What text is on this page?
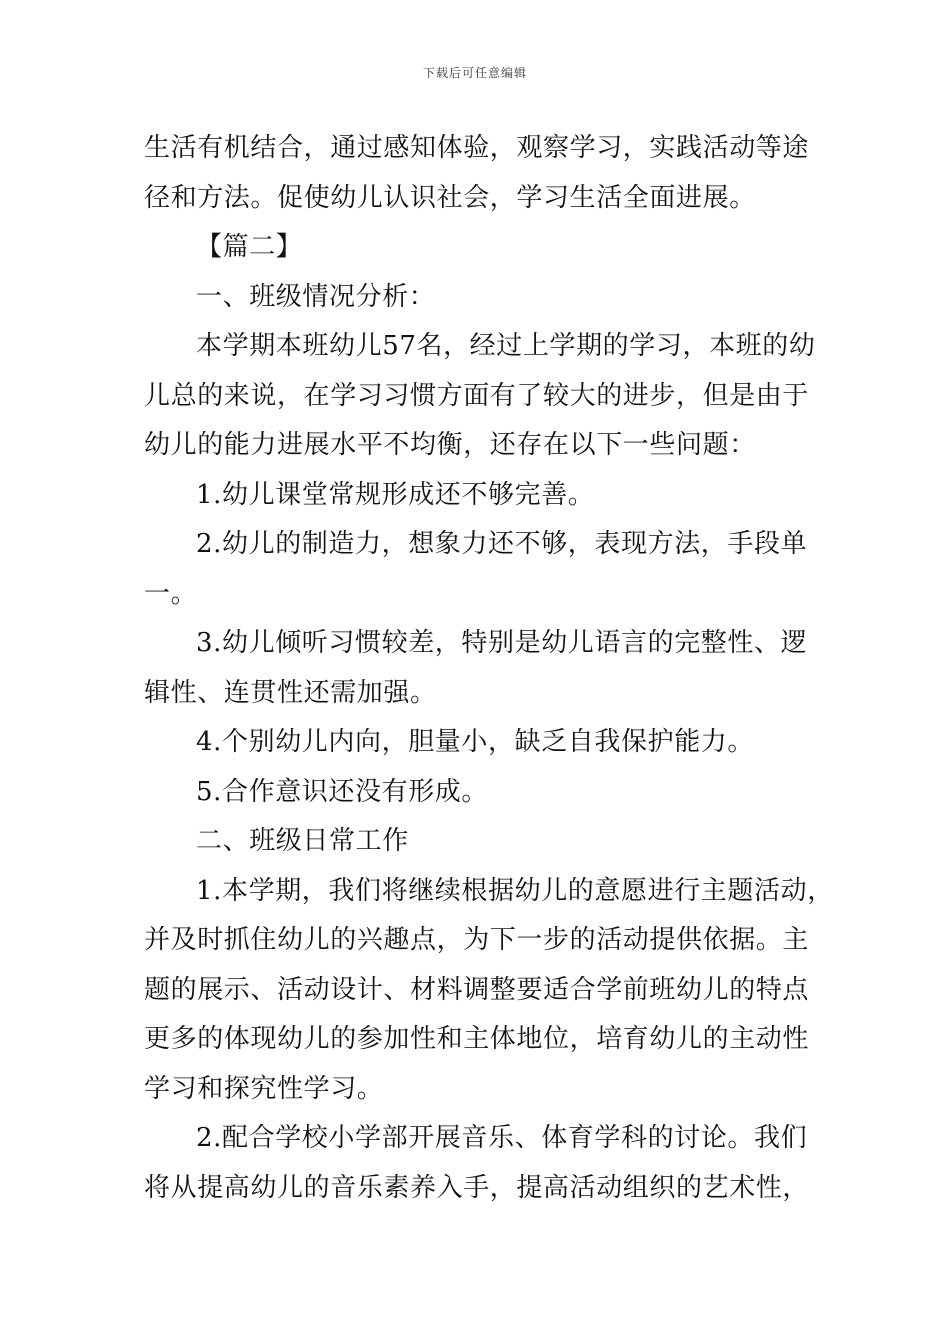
下载后可任意编辑
生活有机结合，通过感知体验，观察学习，实践活动等途
径和方法。促使幼儿认识社会，学习生活全面进展。
【篇二】
一、班级情况分析：
本学期本班幼儿57名，经过上学期的学习，本班的幼
儿总的来说，在学习习惯方面有了较大的进步，但是由于
幼儿的能力进展水平不均衡，还存在以下一些问题：
1.幼儿课堂常规形成还不够完善。
2.幼儿的制造力，想象力还不够，表现方法，手段单
一。
3.幼儿倾听习惯较差，特别是幼儿语言的完整性、逻
辑性、连贯性还需加强。
4.个别幼儿内向，胆量小，缺乏自我保护能力。
5.合作意识还没有形成。
二、班级日常工作
1.本学期，我们将继续根据幼儿的意愿进行主题活动，
并及时抓住幼儿的兴趣点，为下一步的活动提供依据。主
题的展示、活动设计、材料调整要适合学前班幼儿的特点
更多的体现幼儿的参加性和主体地位，培育幼儿的主动性
学习和探究性学习。
2.配合学校小学部开展音乐、体育学科的讨论。我们
将从提高幼儿的音乐素养入手，提高活动组织的艺术性，
